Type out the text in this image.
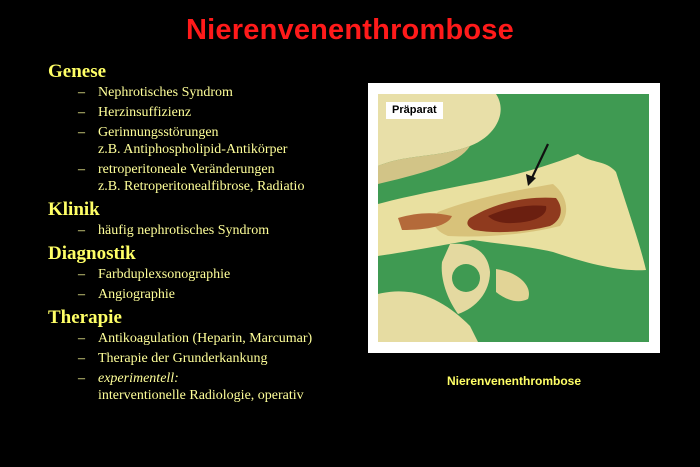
Nierenvenenthrombose
Genese
– Nephrotisches Syndrom
– Herzinsuffizienz
– Gerinnungsstörungen
z.B. Antiphospholipid-Antikörper
– retroperitoneale Veränderungen
z.B. Retroperitonealfibrose, Radiatio
Klinik
– häufig nephrotisches Syndrom
Diagnostik
– Farbduplexsonographie
– Angiographie
Therapie
– Antikoagulation (Heparin, Marcumar)
– Therapie der Grunderkankung
– experimentell:
interventionelle Radiologie, operativ
Präparat
Nierenvenenthrombose
